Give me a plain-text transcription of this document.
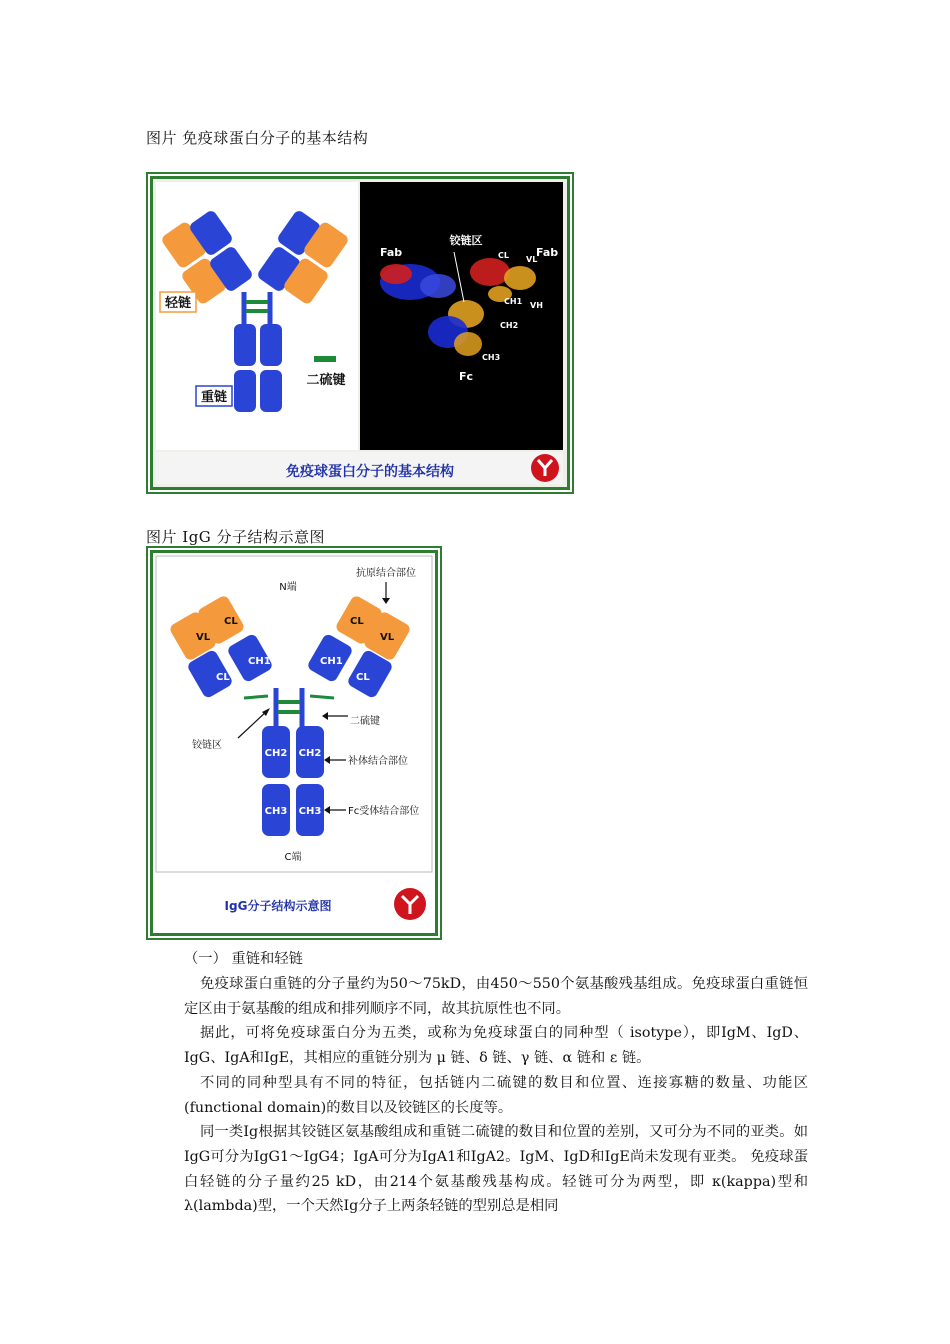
图片 免疫球蛋白分子的基本结构
轻链
重链
二硫键
Fab	Fab
铰链区
CL VL
CH1 VH
CH2
CH3
Fc
免疫球蛋白分子的基本结构
图片 IgG 分子结构示意图
N端
抗原结合部位
VL
CL
CL
CH1
VL
CL
CL
CH1
CH2 CH2
CH3 CH3
二硫键
铰链区
补体结合部位
Fc受体结合部位
C端
IgG分子结构示意图
（一） 重链和轻链

免疫球蛋白重链的分子量约为50～75kD，由450～550个氨基酸残基组成。免疫球蛋白重链恒定区由于氨基酸的组成和排列顺序不同，故其抗原性也不同。

据此，可将免疫球蛋白分为五类，或称为免疫球蛋白的同种型（ isotype），即IgM、IgD、IgG、IgA和IgE，其相应的重链分别为 μ 链、δ 链、γ 链、α 链和 ε 链。

不同的同种型具有不同的特征，包括链内二硫键的数目和位置、连接寡糖的数量、功能区(functional domain)的数目以及铰链区的长度等。

同一类Ig根据其铰链区氨基酸组成和重链二硫键的数目和位置的差别，又可分为不同的亚类。如IgG可分为IgG1～IgG4；IgA可分为IgA1和IgA2。IgM、IgD和IgE尚未发现有亚类。 免疫球蛋白轻链的分子量约25 kD，由214个氨基酸残基构成。轻链可分为两型，即 κ(kappa)型和 λ(lambda)型，一个天然Ig分子上两条轻链的型别总是相同
